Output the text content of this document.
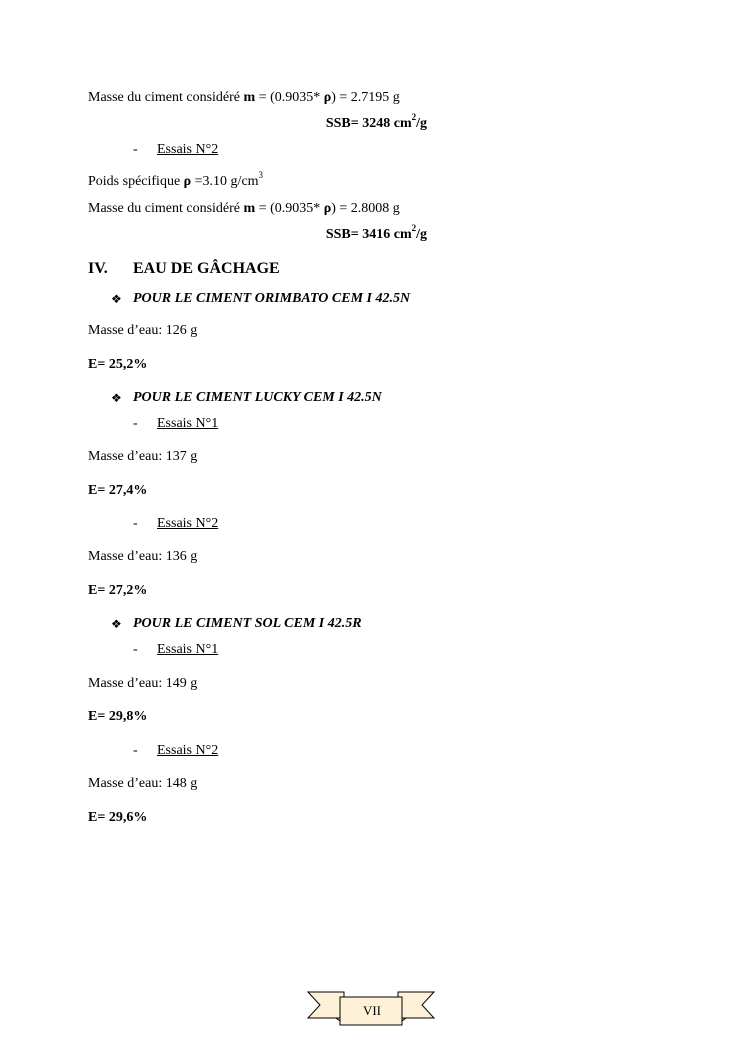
Masse du ciment considéré m = (0.9035* ρ) = 2.7195 g
SSB= 3248 $cm^2/g$
- Essais N°2
Poids spécifique ρ =3.10 $g/cm^3$
Masse du ciment considéré m = (0.9035* ρ) = 2.8008 g
SSB= 3416 $cm^2/g$
IV. EAU DE GÂCHAGE
❖ POUR LE CIMENT ORIMBATO CEM I 42.5N
Masse d’eau: 126 g
E= 25,2%
❖ POUR LE CIMENT LUCKY CEM I 42.5N
- Essais N°1
Masse d’eau: 137 g
E= 27,4%
- Essais N°2
Masse d’eau: 136 g
E= 27,2%
❖ POUR LE CIMENT SOL CEM I 42.5R
- Essais N°1
Masse d’eau: 149 g
E= 29,8%
- Essais N°2
Masse d’eau: 148 g
E= 29,6%
VII
